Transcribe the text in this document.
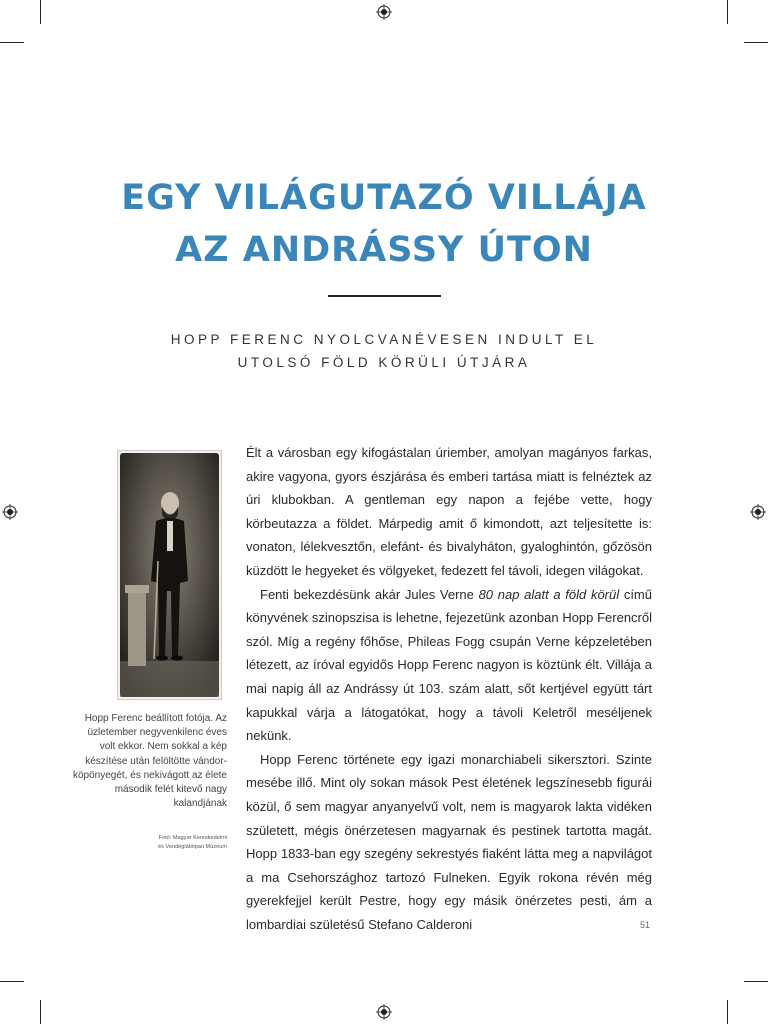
EGY VILÁGUTAZÓ VILLÁJA
AZ ANDRÁSSY ÚTON

HOPP FERENC NYOLCVANÉVESEN INDULT EL
UTOLSÓ FÖLD KÖRÜLI ÚTJÁRA

Hopp Ferenc beállított fotója. Az üzletember negyvenkilenc éves volt ekkor. Nem sokkal a kép készítése után felöltötte vándor-köpönyegét, és nekivágott az élete második felét kitevő nagy kalandjának
Fotó: Magyar Kereskedelmi
és Vendéglátóipari Múzeum

Élt a városban egy kifogástalan úriember, amolyan magányos farkas, akire vagyona, gyors észjárása és emberi tartása miatt is felnéztek az úri klubokban. A gentleman egy napon a fejébe vette, hogy körbeutazza a földet. Márpedig amit ő kimondott, azt teljesítette is: vonaton, lélekvesztőn, elefánt- és bivalyháton, gyaloghintón, gőzösön küzdött le hegyeket és völgyeket, fedezett fel távoli, idegen világokat.

Fenti bekezdésünk akár Jules Verne 80 nap alatt a föld körül című könyvének szinopszisa is lehetne, fejezetünk azonban Hopp Ferencről szól. Míg a regény főhőse, Phileas Fogg csupán Verne képzeletében létezett, az íróval egyidős Hopp Ferenc nagyon is köztünk élt. Villája a mai napig áll az Andrássy út 103. szám alatt, sőt kertjével együtt tárt kapukkal várja a látogatókat, hogy a távoli Keletről meséljenek nekünk.

Hopp Ferenc története egy igazi monarchiabeli sikersztori. Szinte mesébe illő. Mint oly sokan mások Pest életének legszínesebb figurái közül, ő sem magyar anyanyelvű volt, nem is magyarok lakta vidéken született, mégis önérzetesen magyarnak és pestinek tartotta magát. Hopp 1833-ban egy szegény sekrestyés fiaként látta meg a napvilágot a ma Csehországhoz tartozó Fulneken. Egyik rokona révén még gyerekfejjel került Pestre, hogy egy másik önérzetes pesti, ám a lombardiai születésű Stefano Calderoni	51
